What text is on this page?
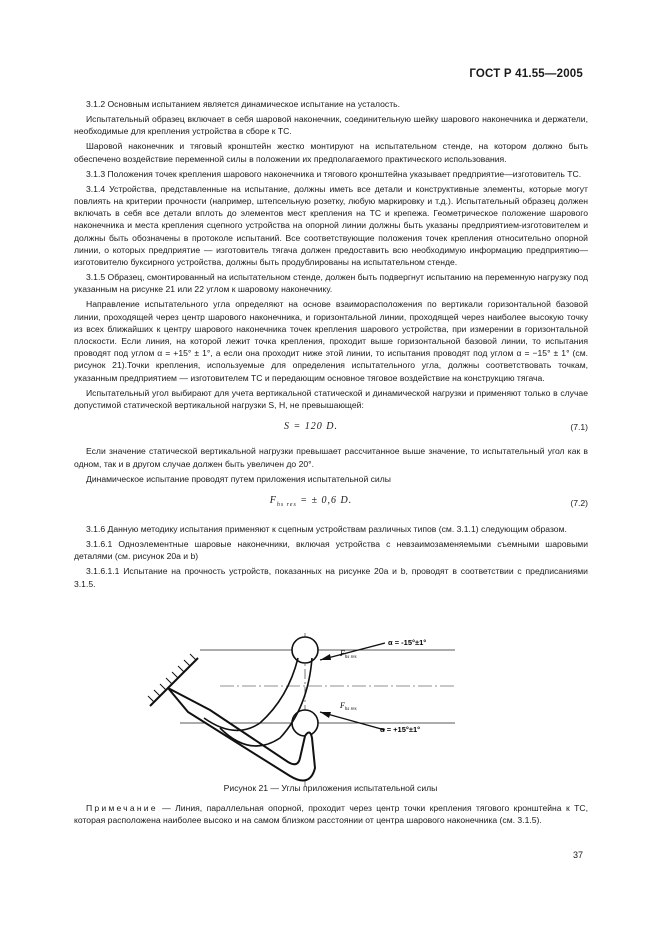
ГОСТ Р 41.55—2005

3.1.2 Основным испытанием является динамическое испытание на усталость.

Испытательный образец включает в себя шаровой наконечник, соединительную шейку шарового наконечника и держатели, необходимые для крепления устройства в сборе к ТС.

Шаровой наконечник и тяговый кронштейн жестко монтируют на испытательном стенде, на котором должно быть обеспечено воздействие переменной силы в положении их предполагаемого практического использования.

3.1.3 Положения точек крепления шарового наконечника и тягового кронштейна указывает предприятие—изготовитель ТС.

3.1.4 Устройства, представленные на испытание, должны иметь все детали и конструктивные элементы, которые могут повлиять на критерии прочности (например, штепсельную розетку, любую маркировку и т.д.). Испытательный образец должен включать в себя все детали вплоть до элементов мест крепления на ТС и крепежа. Геометрическое положение шарового наконечника и места крепления сцепного устройства на опорной линии должны быть указаны предприятием-изготовителем и должны быть обозначены в протоколе испытаний. Все соответствующие положения точек крепления относительно опорной линии, о которых предприятие — изготовитель тягача должен предоставить всю необходимую информацию предприятию—изготовителю буксирного устройства, должны быть продублированы на испытательном стенде.

3.1.5 Образец, смонтированный на испытательном стенде, должен быть подвергнут испытанию на переменную нагрузку под указанным на рисунке 21 или 22 углом к шаровому наконечнику.

Направление испытательного угла определяют на основе взаиморасположения по вертикали горизонтальной базовой линии, проходящей через центр шарового наконечника, и горизонтальной линии, проходящей через наиболее высокую точку из всех ближайших к центру шарового наконечника точек крепления шарового устройства, при измерении в горизонтальной плоскости. Если линия, на которой лежит точка крепления, проходит выше горизонтальной базовой линии, то испытания проводят под углом α = +15° ± 1°, а если она проходит ниже этой линии, то испытания проводят под углом α = −15° ± 1° (см. рисунок 21).Точки крепления, используемые для определения испытательного угла, должны соответствовать точкам, указанным предприятием — изготовителем ТС и передающим основное тяговое воздействие на конструкцию тягача.

Испытательный угол выбирают для учета вертикальной статической и динамической нагрузки и применяют только в случае допустимой статической вертикальной нагрузки S, Н, не превышающей:

S = 120 D.	(7.1)

Если значение статической вертикальной нагрузки превышает рассчитанное выше значение, то испытательный угол как в одном, так и в другом случае должен быть увеличен до 20°.

Динамическое испытание проводят путем приложения испытательной силы

$F_{hs res}$ = ± 0,6 D.	(7.2)

3.1.6 Данную методику испытания применяют к сцепным устройствам различных типов (см. 3.1.1) следующим образом.

3.1.6.1 Одноэлементные шаровые наконечники, включая устройства с невзаимозаменяемыми съемными шаровыми деталями (см. рисунок 20a и b)

3.1.6.1.1 Испытание на прочность устройств, показанных на рисунке 20a и b, проводят в соответствии с предписаниями 3.1.5.

α = -15°±1°
α = +15°±1°
$F_{hs res}$
$F_{hs res}$
Рисунок 21 — Углы приложения испытательной силы
Примечание — Линия, параллельная опорной, проходит через центр точки крепления тягового кронштейна к ТС, которая расположена наиболее высоко и на самом близком расстоянии от центра шарового наконечника (см. 3.1.5).
37
